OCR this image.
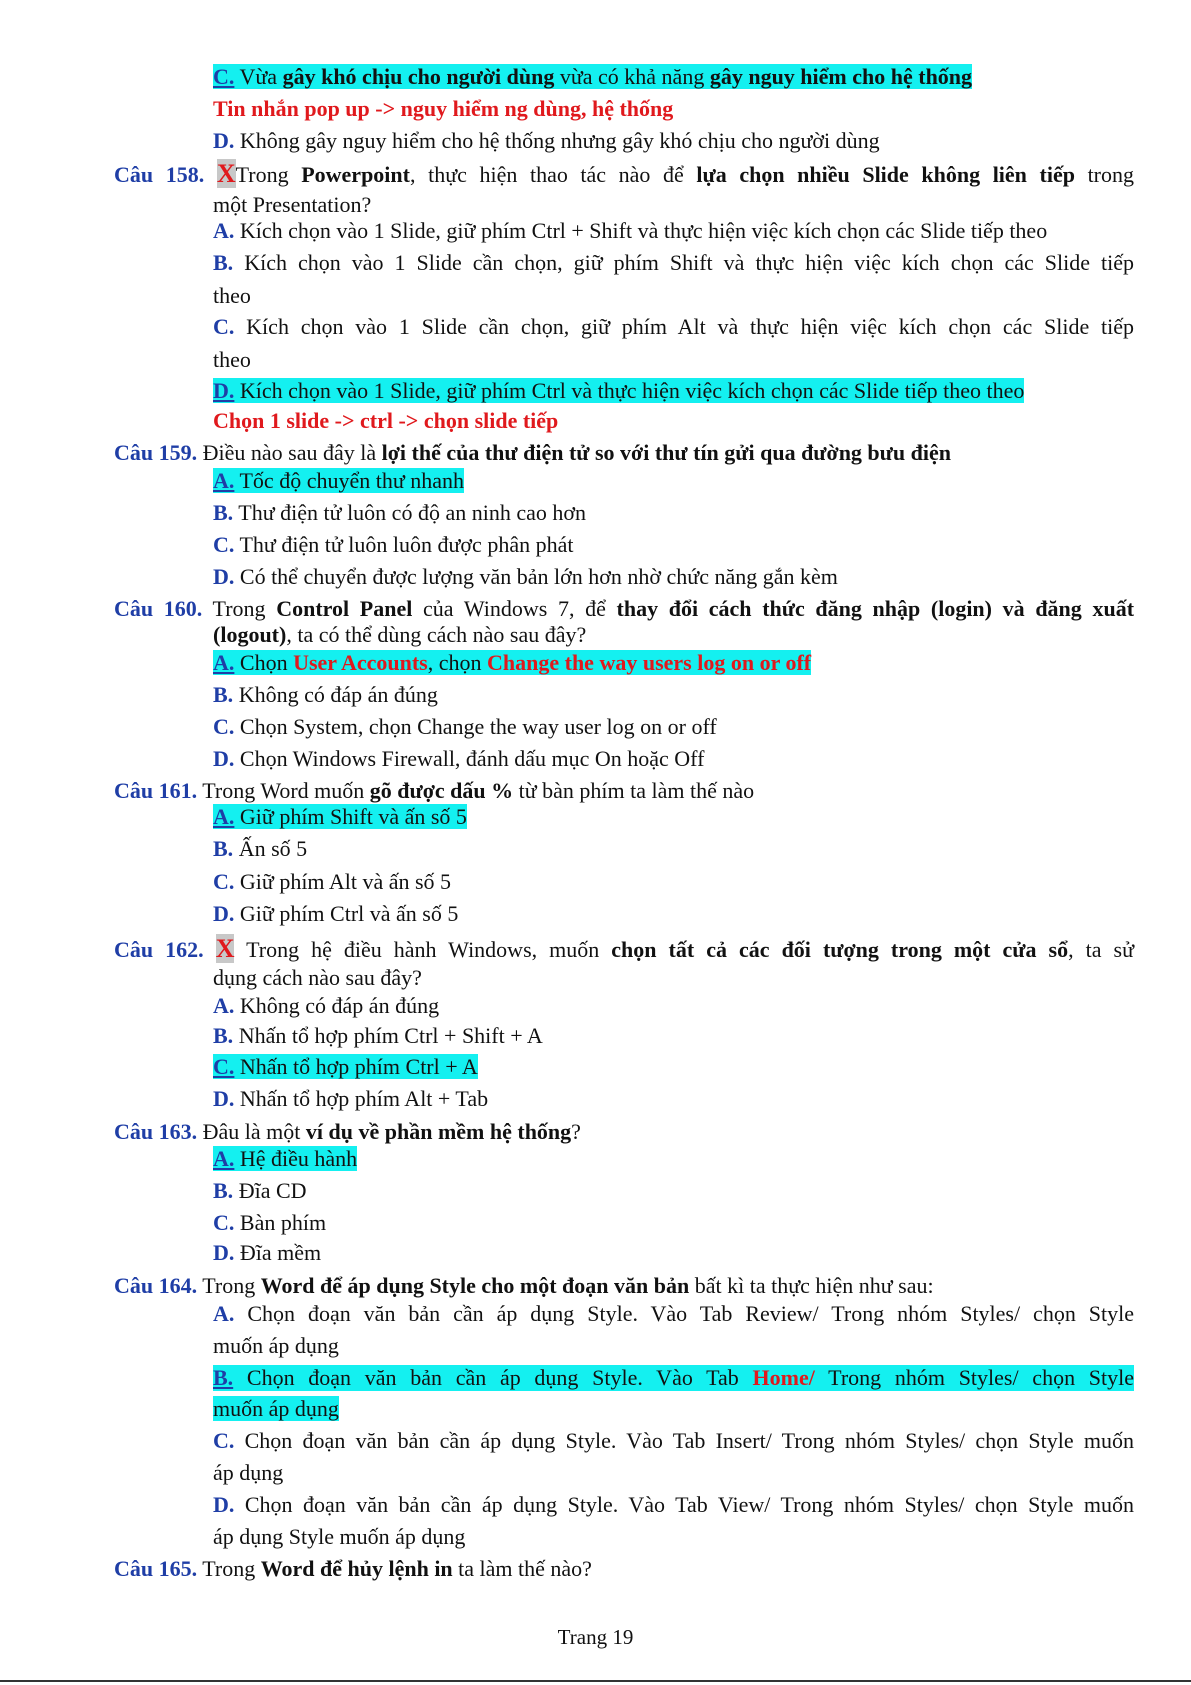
C. Vừa gây khó chịu cho người dùng vừa có khả năng gây nguy hiểm cho hệ thống
Tin nhắn pop up -> nguy hiểm ng dùng, hệ thống
D. Không gây nguy hiểm cho hệ thống nhưng gây khó chịu cho người dùng
Câu 158. XTrong Powerpoint, thực hiện thao tác nào để lựa chọn nhiều Slide không liên tiếp trong
một Presentation?
A. Kích chọn vào 1 Slide, giữ phím Ctrl + Shift và thực hiện việc kích chọn các Slide tiếp theo
B. Kích chọn vào 1 Slide cần chọn, giữ phím Shift và thực hiện việc kích chọn các Slide tiếp
theo
C. Kích chọn vào 1 Slide cần chọn, giữ phím Alt và thực hiện việc kích chọn các Slide tiếp
theo
D. Kích chọn vào 1 Slide, giữ phím Ctrl và thực hiện việc kích chọn các Slide tiếp theo theo
Chọn 1 slide -> ctrl -> chọn slide tiếp
Câu 159. Điều nào sau đây là lợi thế của thư điện tử so với thư tín gửi qua đường bưu điện
A. Tốc độ chuyển thư nhanh
B. Thư điện tử luôn có độ an ninh cao hơn
C. Thư điện tử luôn luôn được phân phát
D. Có thể chuyển được lượng văn bản lớn hơn nhờ chức năng gắn kèm
Câu 160. Trong Control Panel của Windows 7, để thay đổi cách thức đăng nhập (login) và đăng xuất
(logout), ta có thể dùng cách nào sau đây?
A. Chọn User Accounts, chọn Change the way users log on or off
B. Không có đáp án đúng
C. Chọn System, chọn Change the way user log on or off
D. Chọn Windows Firewall, đánh dấu mục On hoặc Off
Câu 161. Trong Word muốn gõ được dấu % từ bàn phím ta làm thế nào
A. Giữ phím Shift và ấn số 5
B. Ấn số 5
C. Giữ phím Alt và ấn số 5
D. Giữ phím Ctrl và ấn số 5
Câu 162. X Trong hệ điều hành Windows, muốn chọn tất cả các đối tượng trong một cửa sổ, ta sử
dụng cách nào sau đây?
A. Không có đáp án đúng
B. Nhấn tổ hợp phím Ctrl + Shift + A
C. Nhấn tổ hợp phím Ctrl + A
D. Nhấn tổ hợp phím Alt + Tab
Câu 163. Đâu là một ví dụ về phần mềm hệ thống?
A. Hệ điều hành
B. Đĩa CD
C. Bàn phím
D. Đĩa mềm
Câu 164. Trong Word để áp dụng Style cho một đoạn văn bản bất kì ta thực hiện như sau:
A. Chọn đoạn văn bản cần áp dụng Style. Vào Tab Review/ Trong nhóm Styles/ chọn Style
muốn áp dụng
B. Chọn đoạn văn bản cần áp dụng Style. Vào Tab Home/ Trong nhóm Styles/ chọn Style
muốn áp dụng
C. Chọn đoạn văn bản cần áp dụng Style. Vào Tab Insert/ Trong nhóm Styles/ chọn Style muốn
áp dụng
D. Chọn đoạn văn bản cần áp dụng Style. Vào Tab View/ Trong nhóm Styles/ chọn Style muốn
áp dụng Style muốn áp dụng
Câu 165. Trong Word để hủy lệnh in ta làm thế nào?
Trang 19
